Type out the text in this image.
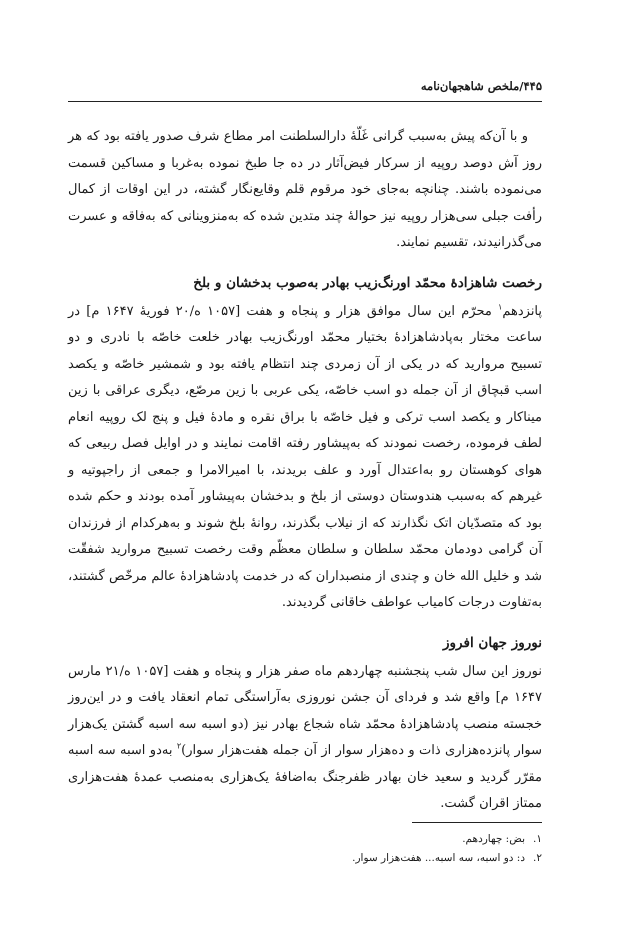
۴۴۵/ملخص شاهجهان‌نامه

و با آن‌که پیش به‌سبب گرانی غَلّهٔ دارالسلطنت امر مطاع شرف صدور یافته بود که هر روز آش دوصد روپیه از سرکار فیض‌آثار در ده جا طبخ نموده به‌غربا و مساکین قسمت می‌نموده باشند. چنانچه به‌جای خود مرقوم قلم وقایع‌نگار گشته، در این اوقات از کمال رأفت جبلی سی‌هزار روپیه نیز حوالهٔ چند متدین شده که به‌منزوینانی که به‌فاقه و عسرت می‌گذرانیدند، تقسیم نمایند.

رخصت شاهزادهٔ محمّد اورنگ‌زیب بهادر به‌صوب بدخشان و بلخ

پانزدهم$^۱$ محرّم این سال موافق هزار و پنجاه و هفت [۱۰۵۷ ه/۲۰ فوریهٔ ۱۶۴۷ م] در ساعت مختار به‌پادشاهزادهٔ بختیار محمّد اورنگ‌زیب بهادر خلعت خاصّه با نادری و دو تسبیح مروارید که در یکی از آن زمردی چند انتظام یافته بود و شمشیر خاصّه و یکصد اسب قبچاق از آن جمله دو اسب خاصّه، یکی عربی با زین مرصّع، دیگری عراقی با زین میناکار و یکصد اسب ترکی و فیل خاصّه با براق نقره و مادهٔ فیل و پنج لک روپیه انعام لطف فرموده، رخصت نمودند که به‌پیشاور رفته اقامت نمایند و در اوایل فصل ربیعی که هوای کوهستان رو به‌اعتدال آورد و علف بریدند، با امیرالامرا و جمعی از راجپوتیه و غیرهم که به‌سبب هندوستان دوستی از بلخ و بدخشان به‌پیشاور آمده بودند و حکم شده بود که متصدّیان اتک نگذارند که از نیلاب بگذرند، روانهٔ بلخ شوند و به‌هرکدام از فرزندان آن گرامی دودمان محمّد سلطان و سلطان معظّم وقت رخصت تسبیح مروارید شفقّت شد و خلیل الله خان و چندی از منصبداران که در خدمت پادشاهزادهٔ عالم مرخّص گشتند، به‌تفاوت درجات کامیاب عواطف خاقانی گردیدند.

نوروز جهان افروز

نوروز این سال شب پنجشنبه چهاردهم ماه صفر هزار و پنجاه و هفت [۱۰۵۷ ه/۲۱ مارس ۱۶۴۷ م] واقع شد و فردای آن جشن نوروزی به‌آراستگی تمام انعقاد یافت و در این‌روز خجسته منصب پادشاهزادهٔ محمّد شاه شجاع بهادر نیز (دو اسبه سه اسبه گشتن یک‌هزار سوار پانزده‌هزاری ذات و ده‌هزار سوار از آن جمله هفت‌هزار سوار)$^۲$ به‌دو اسبه سه اسبه مقرّر گردید و سعید خان بهادر ظفرجنگ به‌اضافهٔ یک‌هزاری به‌منصب عمدهٔ هفت‌هزاری ممتاز اقران گشت.

۱.بض: چهاردهم.
۲.د: دو اسبه، سه اسبه... هفت‌هزار سوار.
